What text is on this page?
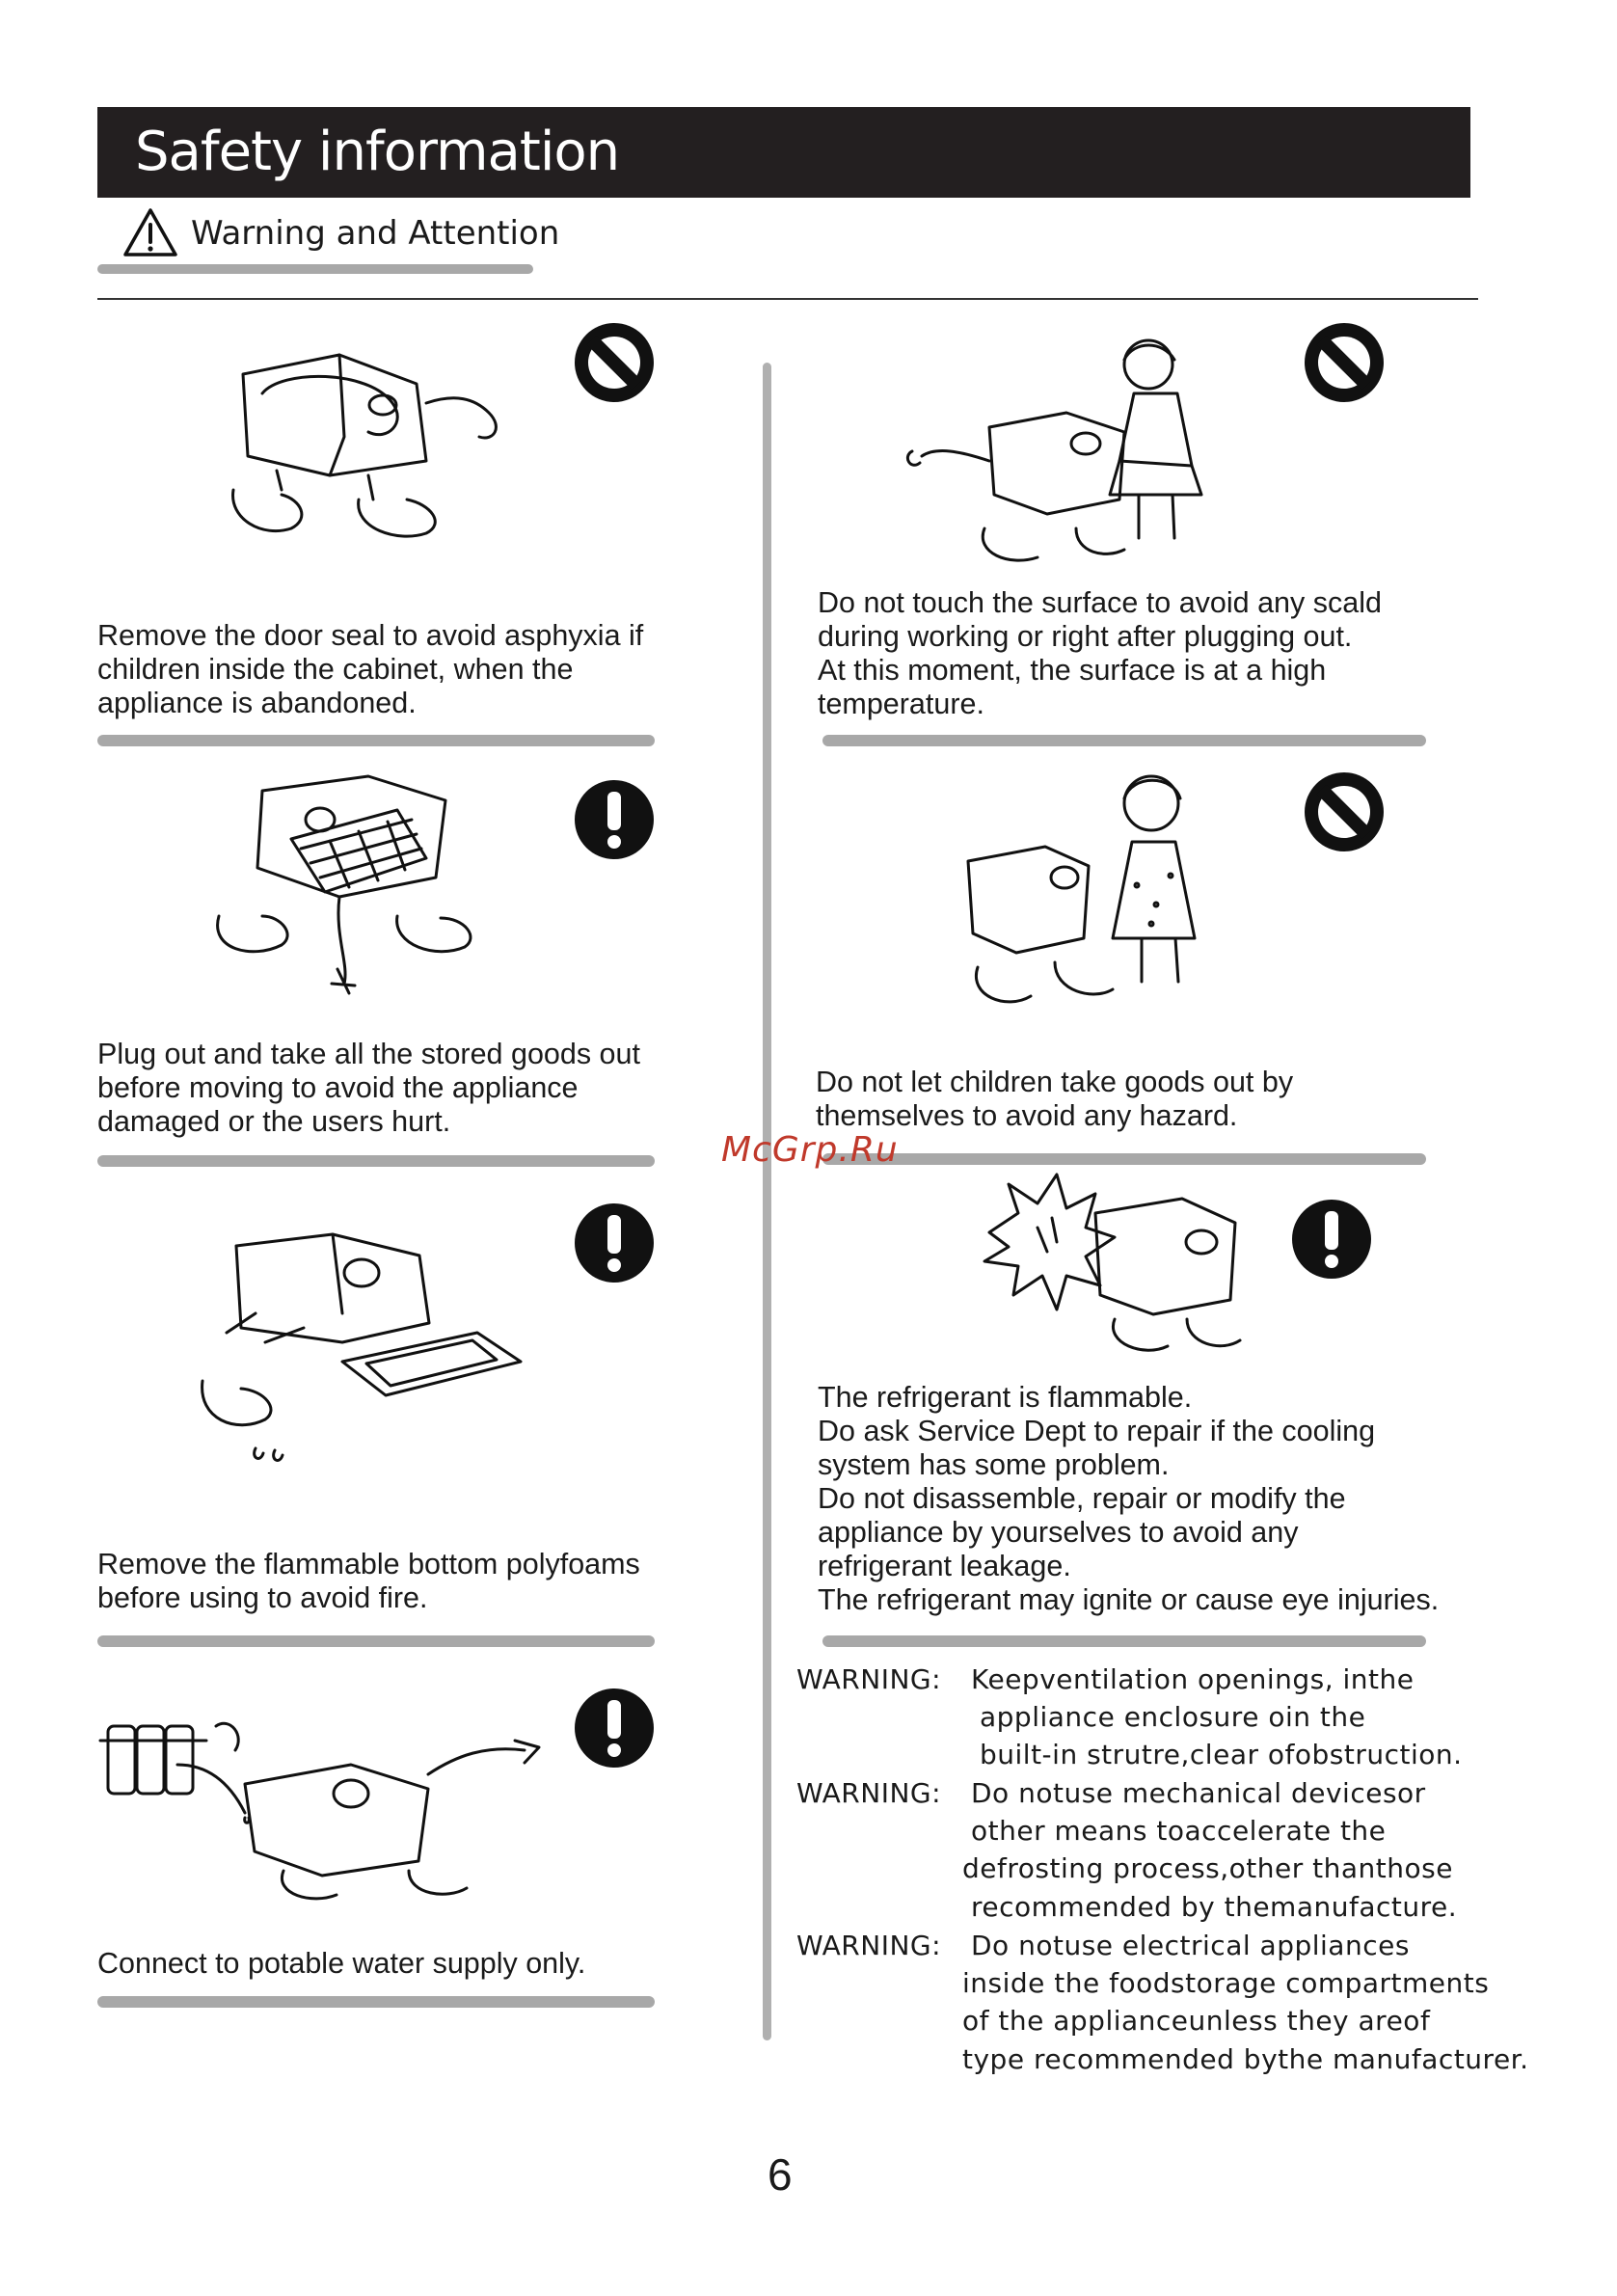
Safety information
Warning and Attention
Remove the door seal to avoid asphyxia if
children inside the cabinet, when the
appliance is abandoned.
Plug out and take all the stored goods out
before moving to avoid the appliance
damaged or the users hurt.
Remove the flammable bottom polyfoams
before using to avoid fire.
Connect to potable water supply only.
Do not touch the surface to avoid any scald
during working or right after plugging out.
At this moment, the surface is at a high
temperature.
Do not let children take goods out by
themselves to avoid any hazard.
The refrigerant is flammable.
Do ask Service Dept to repair if the cooling
system has some problem.
Do not disassemble, repair or modify the
appliance by yourselves to avoid any
refrigerant leakage.
The refrigerant may ignite or cause eye injuries.
WARNING: Keepventilation openings, inthe
appliance enclosure oin the
built-in strutre,clear ofobstruction.
WARNING: Do notuse mechanical devicesor
other means toaccelerate the
defrosting process,other thanthose
recommended by themanufacture.
WARNING: Do notuse electrical appliances
inside the foodstorage compartments
of the applianceunless they areof
type recommended bythe manufacturer.
McGrp.Ru
6
